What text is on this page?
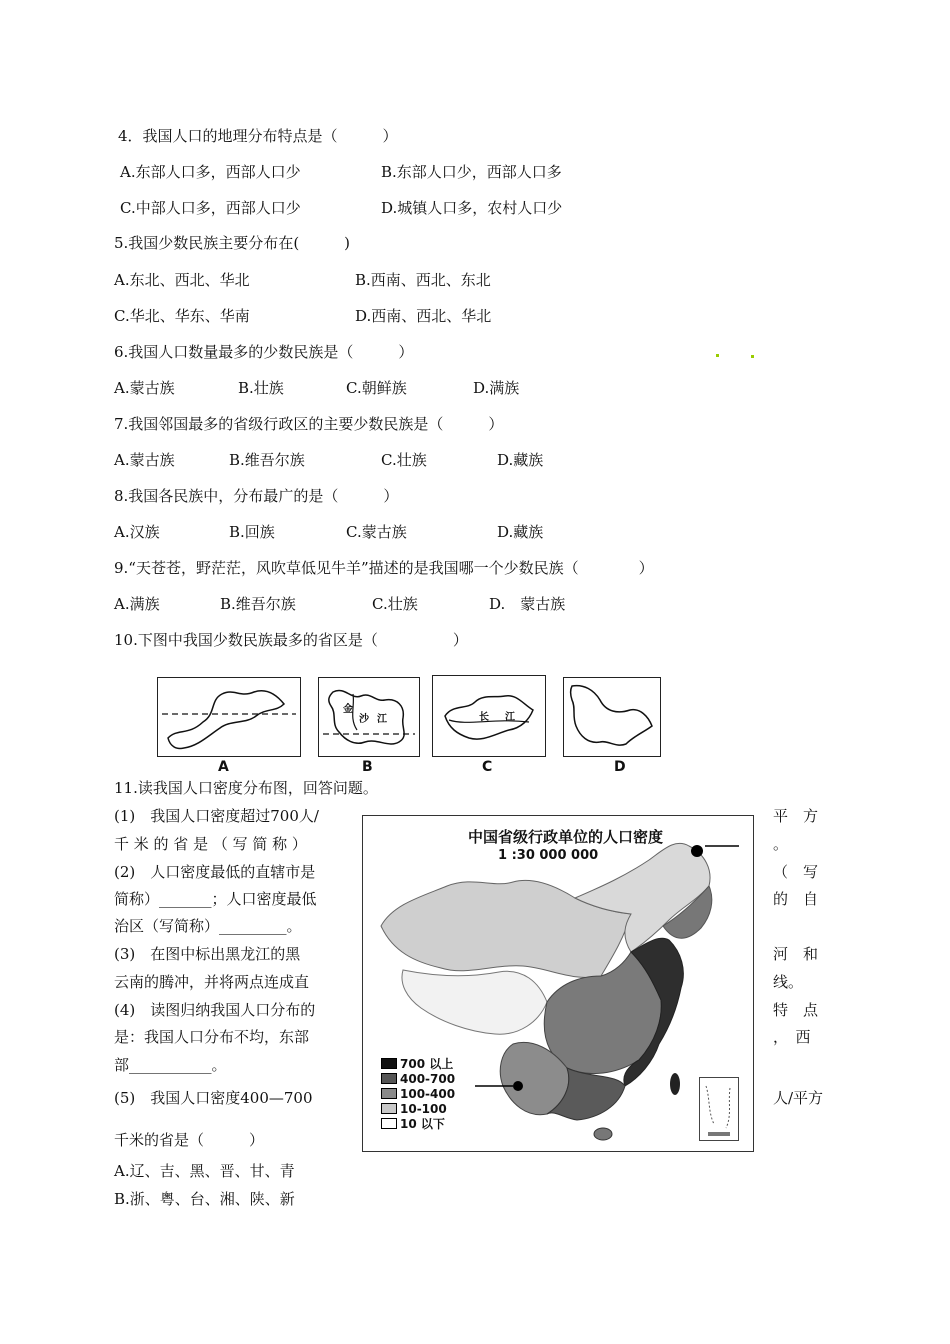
4．我国人口的地理分布特点是（　　　）
A.东部人口多，西部人口少	B.东部人口少，西部人口多
C.中部人口多，西部人口少	D.城镇人口多，农村人口少
5.我国少数民族主要分布在(　　　)
A.东北、西北、华北	B.西南、西北、东北
C.华北、华东、华南	D.西南、西北、华北
6.我国人口数量最多的少数民族是（　　　）
A.蒙古族	B.壮族	C.朝鲜族	D.满族
7.我国邻国最多的省级行政区的主要少数民族是（　　　）
A.蒙古族	B.维吾尔族	C.壮族	D.藏族
8.我国各民族中，分布最广的是（　　　）
A.汉族	B.回族	C.蒙古族	D.藏族
9.“天苍苍，野茫茫，风吹草低见牛羊”描述的是我国哪一个少数民族（　　　　）
A.满族	B.维吾尔族	C.壮族	D.　蒙古族
10.下图中我国少数民族最多的省区是（　　　　　）
A
金
沙 江
B
长 江
C	D
11.读我国人口密度分布图，回答问题。
(1)　我国人口密度超过700人/
千 米 的 省 是 （ 写 简 称 ）
(2)　人口密度最低的直辖市是
简称）_______；人口密度最低
治区（写简称）_________。
(3)　在图中标出黑龙江的黑
云南的腾冲，并将两点连成直
(4)　读图归纳我国人口分布的
是：我国人口分布不均，东部
部___________。
(5)　我国人口密度400—700
平　方
。
（　写
的　自
河　和
线。
特　点
，　西
人/平方
千米的省是（　　　）
A.辽、吉、黑、晋、甘、青
B.浙、粤、台、湘、陕、新
中国省级行政单位的人口密度
1 :30 000 000
700 以上
400-700
100-400
10-100
10 以下
